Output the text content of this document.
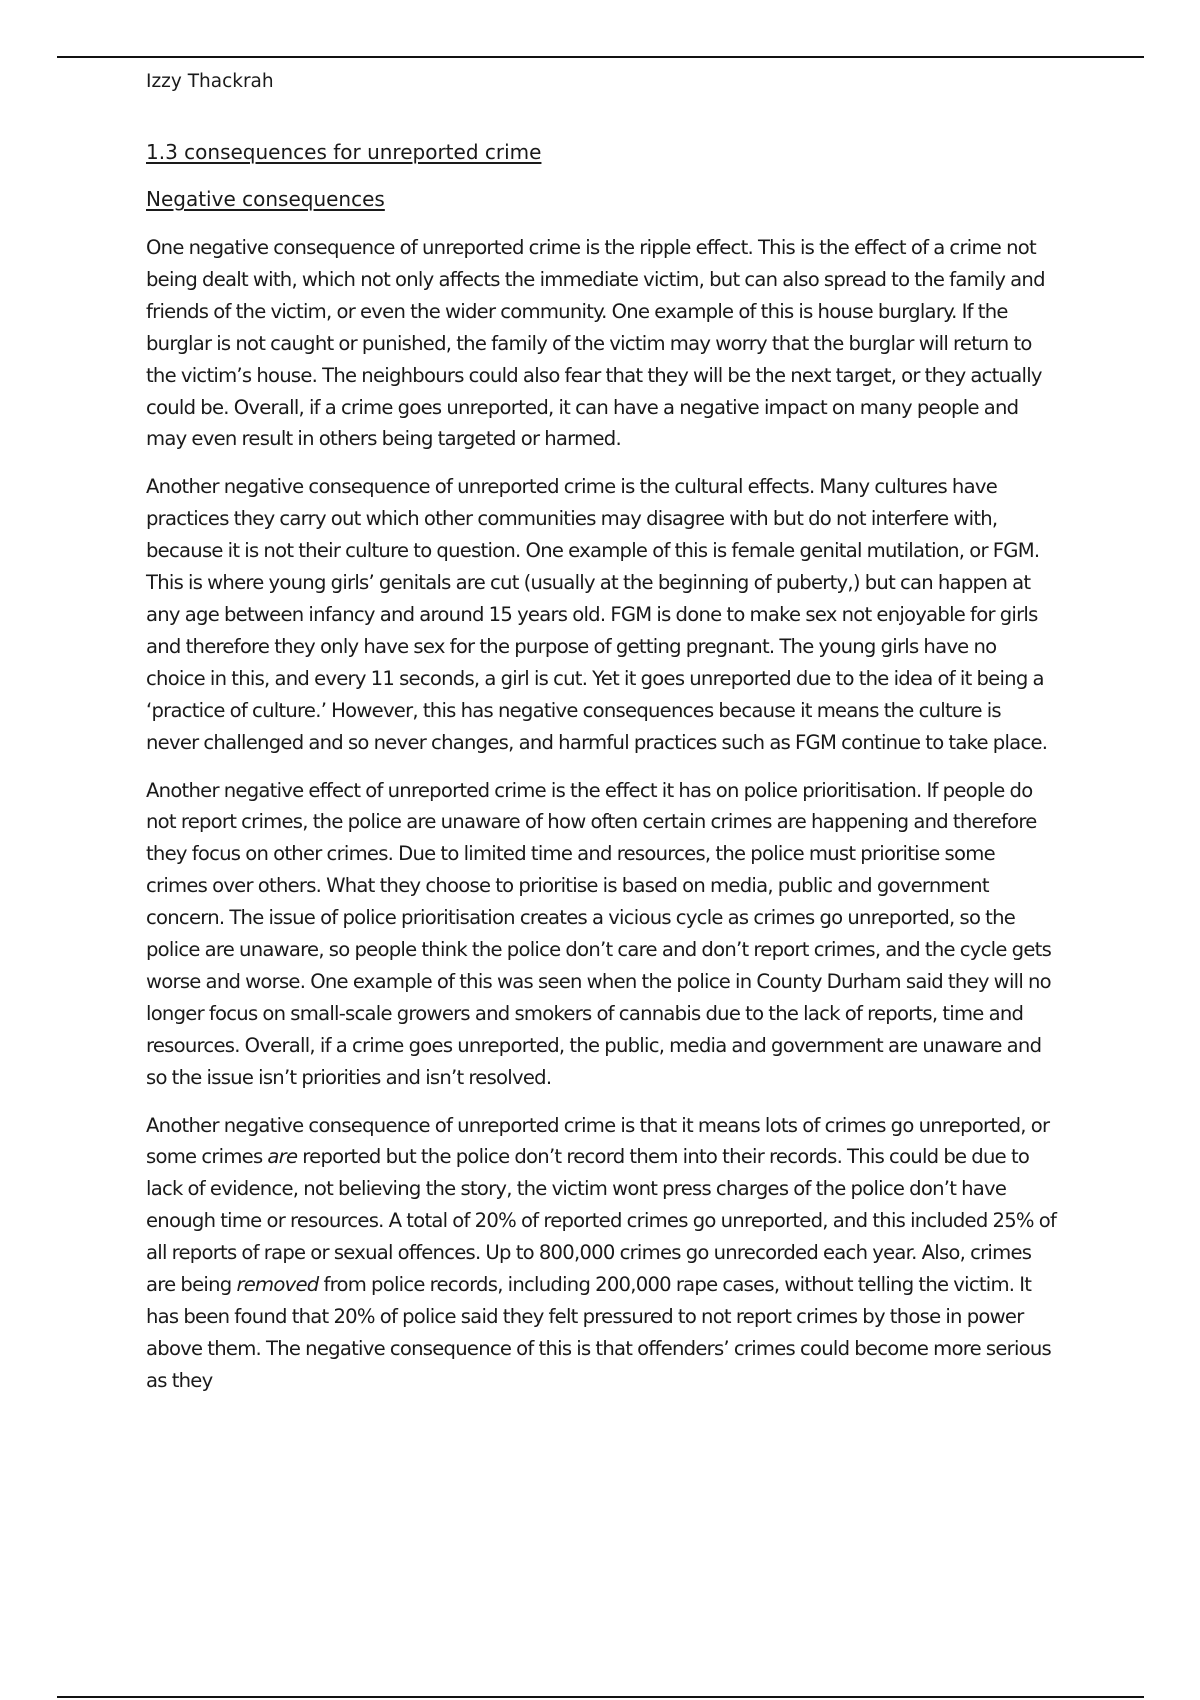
Izzy Thackrah
1.3 consequences for unreported crime
Negative consequences

One negative consequence of unreported crime is the ripple effect. This is the effect of a crime not being dealt with, which not only affects the immediate victim, but can also spread to the family and friends of the victim, or even the wider community. One example of this is house burglary. If the burglar is not caught or punished, the family of the victim may worry that the burglar will return to the victim’s house. The neighbours could also fear that they will be the next target, or they actually could be. Overall, if a crime goes unreported, it can have a negative impact on many people and may even result in others being targeted or harmed.

Another negative consequence of unreported crime is the cultural effects. Many cultures have practices they carry out which other communities may disagree with but do not interfere with, because it is not their culture to question. One example of this is female genital mutilation, or FGM. This is where young girls’ genitals are cut (usually at the beginning of puberty,) but can happen at any age between infancy and around 15 years old. FGM is done to make sex not enjoyable for girls and therefore they only have sex for the purpose of getting pregnant. The young girls have no choice in this, and every 11 seconds, a girl is cut. Yet it goes unreported due to the idea of it being a ‘practice of culture.’ However, this has negative consequences because it means the culture is never challenged and so never changes, and harmful practices such as FGM continue to take place.

Another negative effect of unreported crime is the effect it has on police prioritisation. If people do not report crimes, the police are unaware of how often certain crimes are happening and therefore they focus on other crimes. Due to limited time and resources, the police must prioritise some crimes over others. What they choose to prioritise is based on media, public and government concern. The issue of police prioritisation creates a vicious cycle as crimes go unreported, so the police are unaware, so people think the police don’t care and don’t report crimes, and the cycle gets worse and worse. One example of this was seen when the police in County Durham said they will no longer focus on small-scale growers and smokers of cannabis due to the lack of reports, time and resources. Overall, if a crime goes unreported, the public, media and government are unaware and so the issue isn’t priorities and isn’t resolved.

Another negative consequence of unreported crime is that it means lots of crimes go unreported, or some crimes are reported but the police don’t record them into their records. This could be due to lack of evidence, not believing the story, the victim wont press charges of the police don’t have enough time or resources. A total of 20% of reported crimes go unreported, and this included 25% of all reports of rape or sexual offences. Up to 800,000 crimes go unrecorded each year. Also, crimes are being removed from police records, including 200,000 rape cases, without telling the victim. It has been found that 20% of police said they felt pressured to not report crimes by those in power above them. The negative consequence of this is that offenders’ crimes could become more serious as they
